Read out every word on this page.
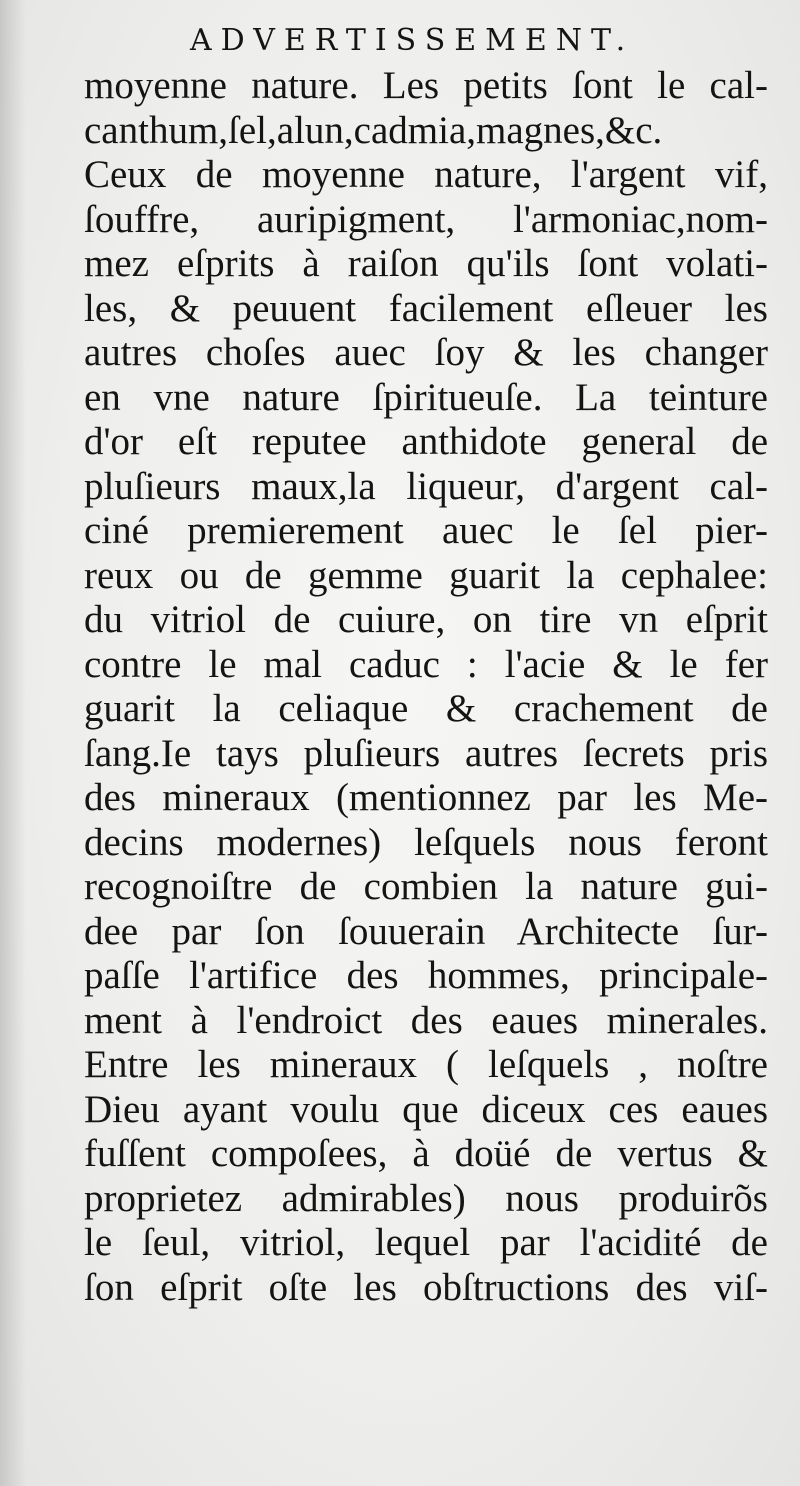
ADVERTISSEMENT.
moyenne nature. Les petits ſont le cal-
canthum,ſel,alun,cadmia,magnes,&c.
Ceux de moyenne nature, l'argent vif,
ſouffre, auripigment, l'armoniac,nom-
mez eſprits à raiſon qu'ils ſont volati-
les, & peuuent facilement eſleuer les
autres choſes auec ſoy & les changer
en vne nature ſpiritueuſe. La teinture
d'or eſt reputee anthidote general de
pluſieurs maux,la liqueur, d'argent cal-
ciné premierement auec le ſel pier-
reux ou de gemme guarit la cephalee:
du vitriol de cuiure, on tire vn eſprit
contre le mal caduc : l'acie & le fer
guarit la celiaque & crachement de
ſang.Ie tays pluſieurs autres ſecrets pris
des mineraux (mentionnez par les Me-
decins modernes) leſquels nous feront
recognoiſtre de combien la nature gui-
dee par ſon ſouuerain Architecte ſur-
paſſe l'artifice des hommes, principale-
ment à l'endroict des eaues minerales.
Entre les mineraux ( leſquels , noſtre
Dieu ayant voulu que diceux ces eaues
fuſſent compoſees, à doüé de vertus &
proprietez admirables) nous produirõs
le ſeul, vitriol, lequel par l'acidité de
ſon eſprit oſte les obſtructions des viſ-
